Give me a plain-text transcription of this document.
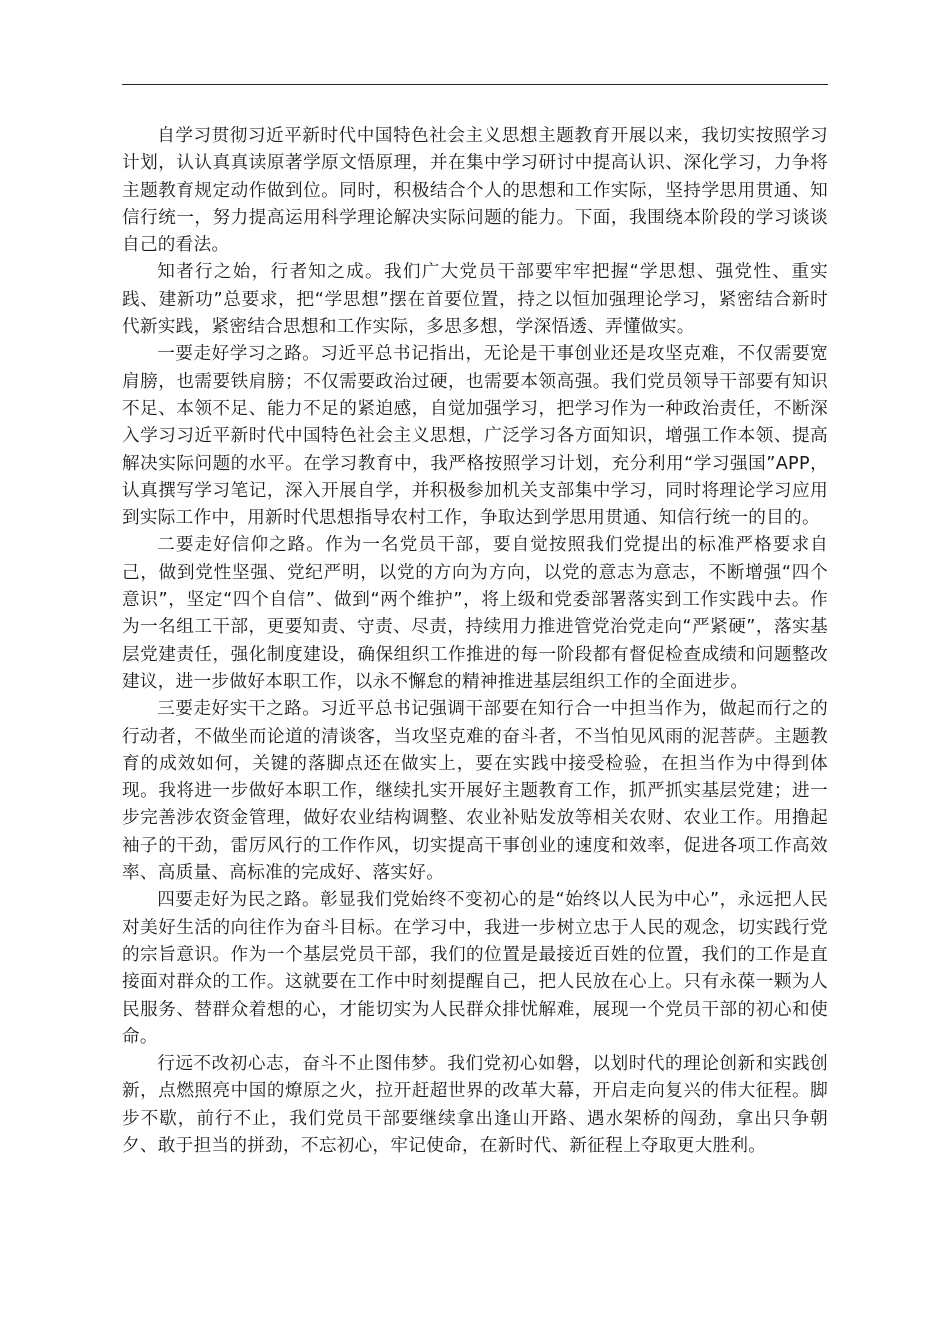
自学习贯彻习近平新时代中国特色社会主义思想主题教育开展以来，我切实按照学习计划，认认真真读原著学原文悟原理，并在集中学习研讨中提高认识、深化学习，力争将主题教育规定动作做到位。同时，积极结合个人的思想和工作实际，坚持学思用贯通、知信行统一，努力提高运用科学理论解决实际问题的能力。下面，我围绕本阶段的学习谈谈自己的看法。

知者行之始，行者知之成。我们广大党员干部要牢牢把握“学思想、强党性、重实践、建新功”总要求，把“学思想”摆在首要位置，持之以恒加强理论学习，紧密结合新时代新实践，紧密结合思想和工作实际，多思多想，学深悟透、弄懂做实。

一要走好学习之路。习近平总书记指出，无论是干事创业还是攻坚克难，不仅需要宽肩膀，也需要铁肩膀；不仅需要政治过硬，也需要本领高强。我们党员领导干部要有知识不足、本领不足、能力不足的紧迫感，自觉加强学习，把学习作为一种政治责任，不断深入学习习近平新时代中国特色社会主义思想，广泛学习各方面知识，增强工作本领、提高解决实际问题的水平。在学习教育中，我严格按照学习计划，充分利用“学习强国”APP，认真撰写学习笔记，深入开展自学，并积极参加机关支部集中学习，同时将理论学习应用到实际工作中，用新时代思想指导农村工作，争取达到学思用贯通、知信行统一的目的。

二要走好信仰之路。作为一名党员干部，要自觉按照我们党提出的标准严格要求自己，做到党性坚强、党纪严明，以党的方向为方向，以党的意志为意志，不断增强“四个意识”，坚定“四个自信”、做到“两个维护”，将上级和党委部署落实到工作实践中去。作为一名组工干部，更要知责、守责、尽责，持续用力推进管党治党走向“严紧硬”，落实基层党建责任，强化制度建设，确保组织工作推进的每一阶段都有督促检查成绩和问题整改建议，进一步做好本职工作，以永不懈怠的精神推进基层组织工作的全面进步。

三要走好实干之路。习近平总书记强调干部要在知行合一中担当作为，做起而行之的行动者，不做坐而论道的清谈客，当攻坚克难的奋斗者，不当怕见风雨的泥菩萨。主题教育的成效如何，关键的落脚点还在做实上，要在实践中接受检验，在担当作为中得到体现。我将进一步做好本职工作，继续扎实开展好主题教育工作，抓严抓实基层党建；进一步完善涉农资金管理，做好农业结构调整、农业补贴发放等相关农财、农业工作。用撸起袖子的干劲，雷厉风行的工作作风，切实提高干事创业的速度和效率，促进各项工作高效率、高质量、高标准的完成好、落实好。

四要走好为民之路。彰显我们党始终不变初心的是“始终以人民为中心”，永远把人民对美好生活的向往作为奋斗目标。在学习中，我进一步树立忠于人民的观念，切实践行党的宗旨意识。作为一个基层党员干部，我们的位置是最接近百姓的位置，我们的工作是直接面对群众的工作。这就要在工作中时刻提醒自己，把人民放在心上。只有永葆一颗为人民服务、替群众着想的心，才能切实为人民群众排忧解难，展现一个党员干部的初心和使命。

行远不改初心志，奋斗不止图伟梦。我们党初心如磐，以划时代的理论创新和实践创新，点燃照亮中国的燎原之火，拉开赶超世界的改革大幕，开启走向复兴的伟大征程。脚步不歇，前行不止，我们党员干部要继续拿出逢山开路、遇水架桥的闯劲，拿出只争朝夕、敢于担当的拼劲，不忘初心，牢记使命，在新时代、新征程上夺取更大胜利。
